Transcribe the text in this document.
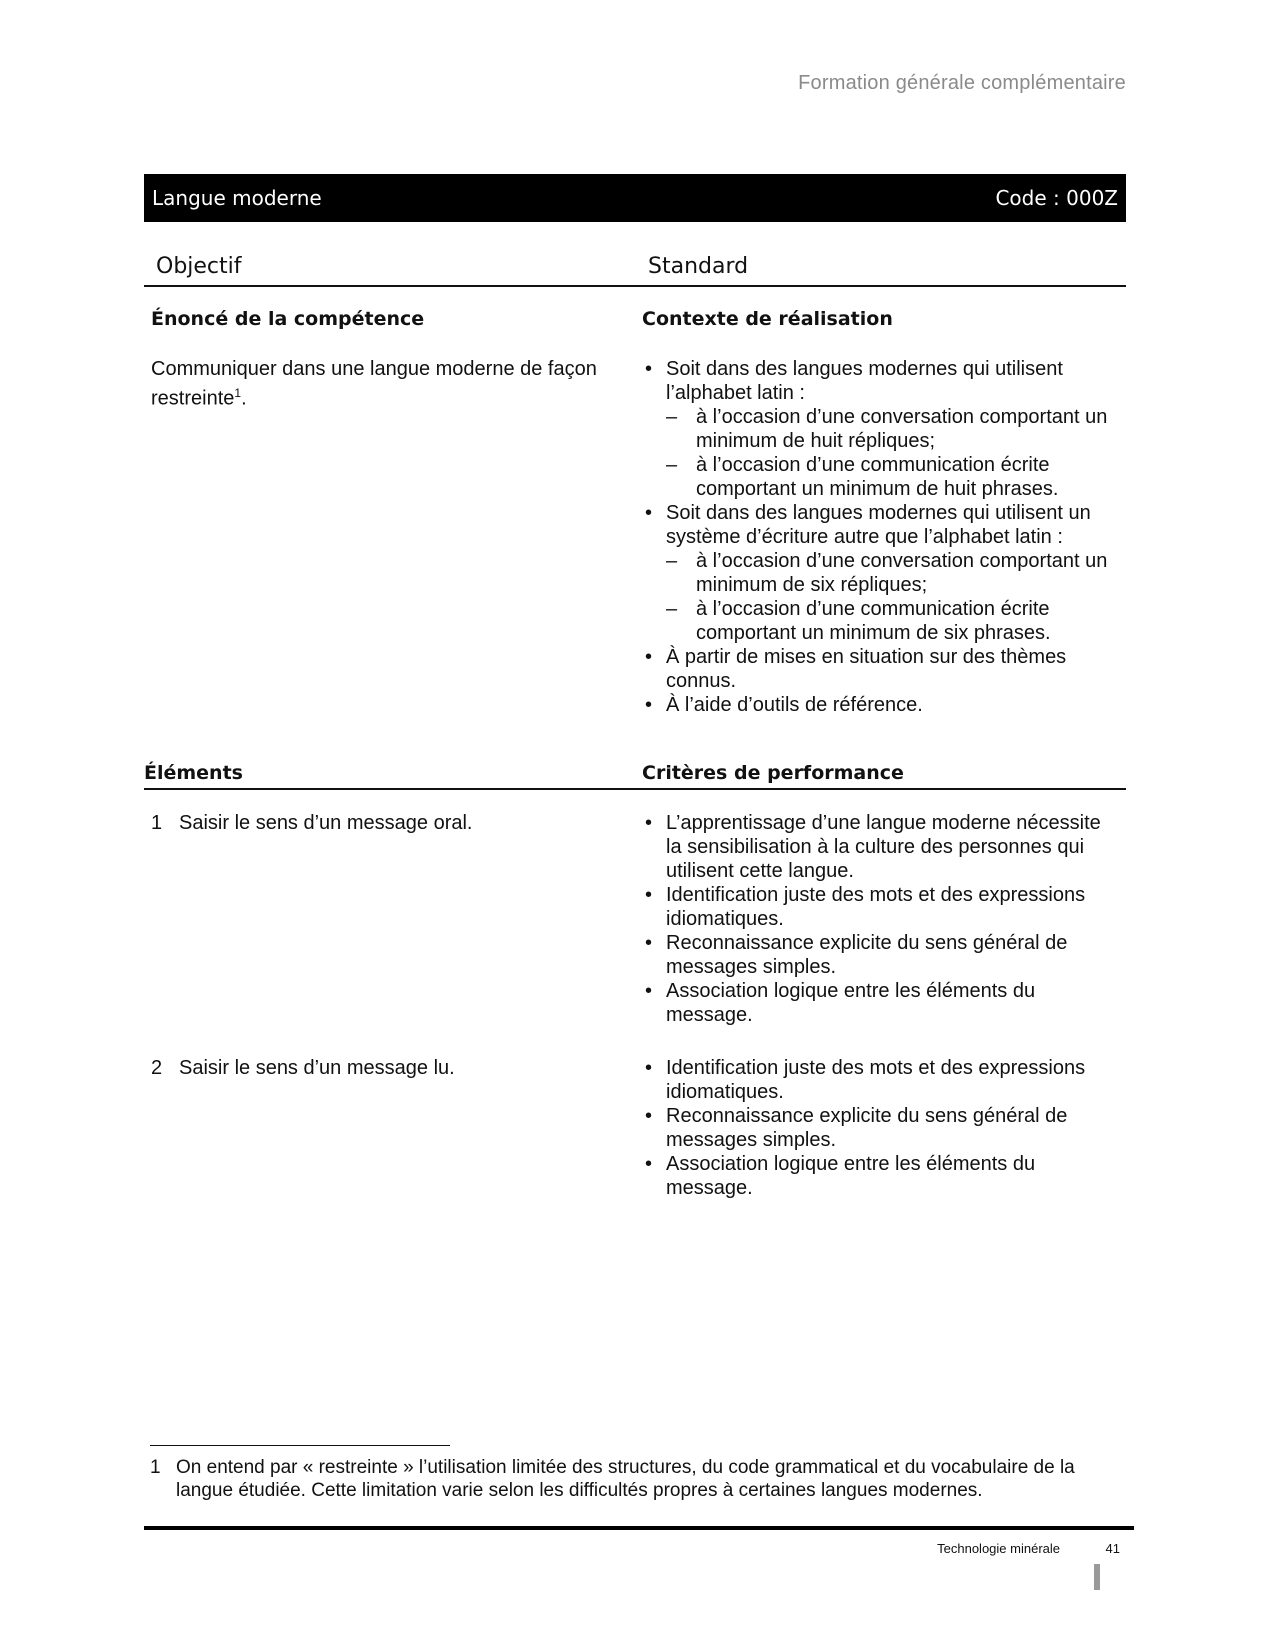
Formation générale complémentaire
Langue moderne	Code : 000Z
Objectif	Standard
Énoncé de la compétence	Contexte de réalisation
Communiquer dans une langue moderne de façon restreinte$^1$.
• Soit dans des langues modernes qui utilisent l’alphabet latin :
– à l’occasion d’une conversation comportant un minimum de huit répliques;
– à l’occasion d’une communication écrite comportant un minimum de huit phrases.
• Soit dans des langues modernes qui utilisent un système d’écriture autre que l’alphabet latin :
– à l’occasion d’une conversation comportant un minimum de six répliques;
– à l’occasion d’une communication écrite comportant un minimum de six phrases.
• À partir de mises en situation sur des thèmes connus.
• À l’aide d’outils de référence.
Éléments	Critères de performance
1 Saisir le sens d’un message oral.	• L’apprentissage d’une langue moderne nécessite la sensibilisation à la culture des personnes qui utilisent cette langue.
• Identification juste des mots et des expressions idiomatiques.
• Reconnaissance explicite du sens général de messages simples.
• Association logique entre les éléments du message.
2 Saisir le sens d’un message lu.	• Identification juste des mots et des expressions idiomatiques.
• Reconnaissance explicite du sens général de messages simples.
• Association logique entre les éléments du message.
1 On entend par « restreinte » l’utilisation limitée des structures, du code grammatical et du vocabulaire de la langue étudiée. Cette limitation varie selon les difficultés propres à certaines langues modernes.
Technologie minérale	41
